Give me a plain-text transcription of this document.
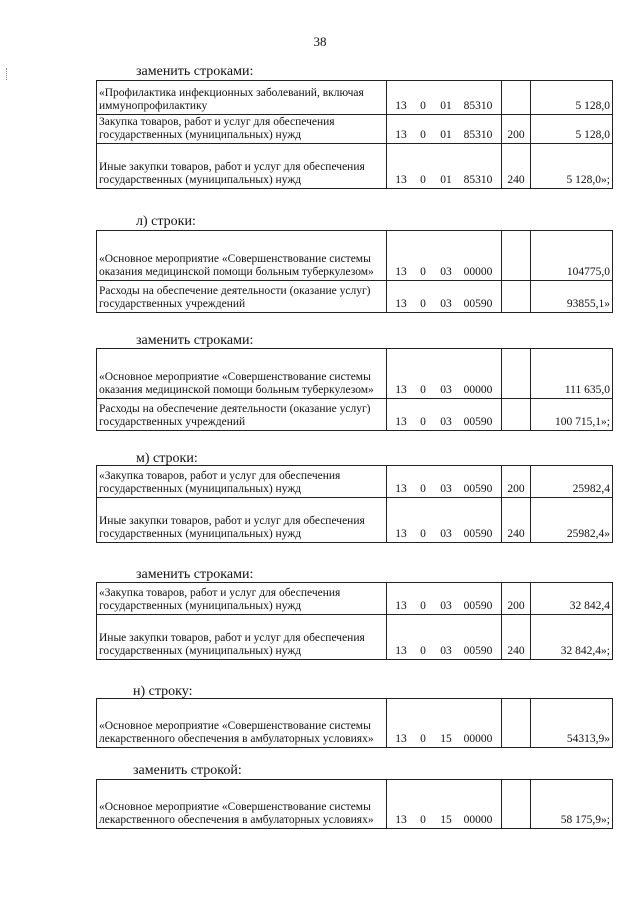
38
заменить строками:
«Профилактика инфекционных заболеваний, включая иммунопрофилактику	13 0 01 85310		5 128,0
Закупка товаров, работ и услуг для обеспечения государственных (муниципальных) нужд	13 0 01 85310	200	5 128,0
Иные закупки товаров, работ и услуг для обеспечения государственных (муниципальных) нужд	13 0 01 85310	240	5 128,0»;
л) строки:
«Основное мероприятие «Совершенствование системы оказания медицинской помощи больным туберкулезом»	13 0 03 00000		104775,0
Расходы на обеспечение деятельности (оказание услуг) государственных учреждений	13 0 03 00590		93855,1»
заменить строками:
«Основное мероприятие «Совершенствование системы оказания медицинской помощи больным туберкулезом»	13 0 03 00000		111 635,0
Расходы на обеспечение деятельности (оказание услуг) государственных учреждений	13 0 03 00590		100 715,1»;
м) строки:
«Закупка товаров, работ и услуг для обеспечения государственных (муниципальных) нужд	13 0 03 00590	200	25982,4
Иные закупки товаров, работ и услуг для обеспечения государственных (муниципальных) нужд	13 0 03 00590	240	25982,4»
заменить строками:
«Закупка товаров, работ и услуг для обеспечения государственных (муниципальных) нужд	13 0 03 00590	200	32 842,4
Иные закупки товаров, работ и услуг для обеспечения государственных (муниципальных) нужд	13 0 03 00590	240	32 842,4»;
н) строку:
«Основное мероприятие «Совершенствование системы лекарственного обеспечения в амбулаторных условиях»	13 0 15 00000		54313,9»
заменить строкой:
«Основное мероприятие «Совершенствование системы лекарственного обеспечения в амбулаторных условиях»	13 0 15 00000		58 175,9»;
